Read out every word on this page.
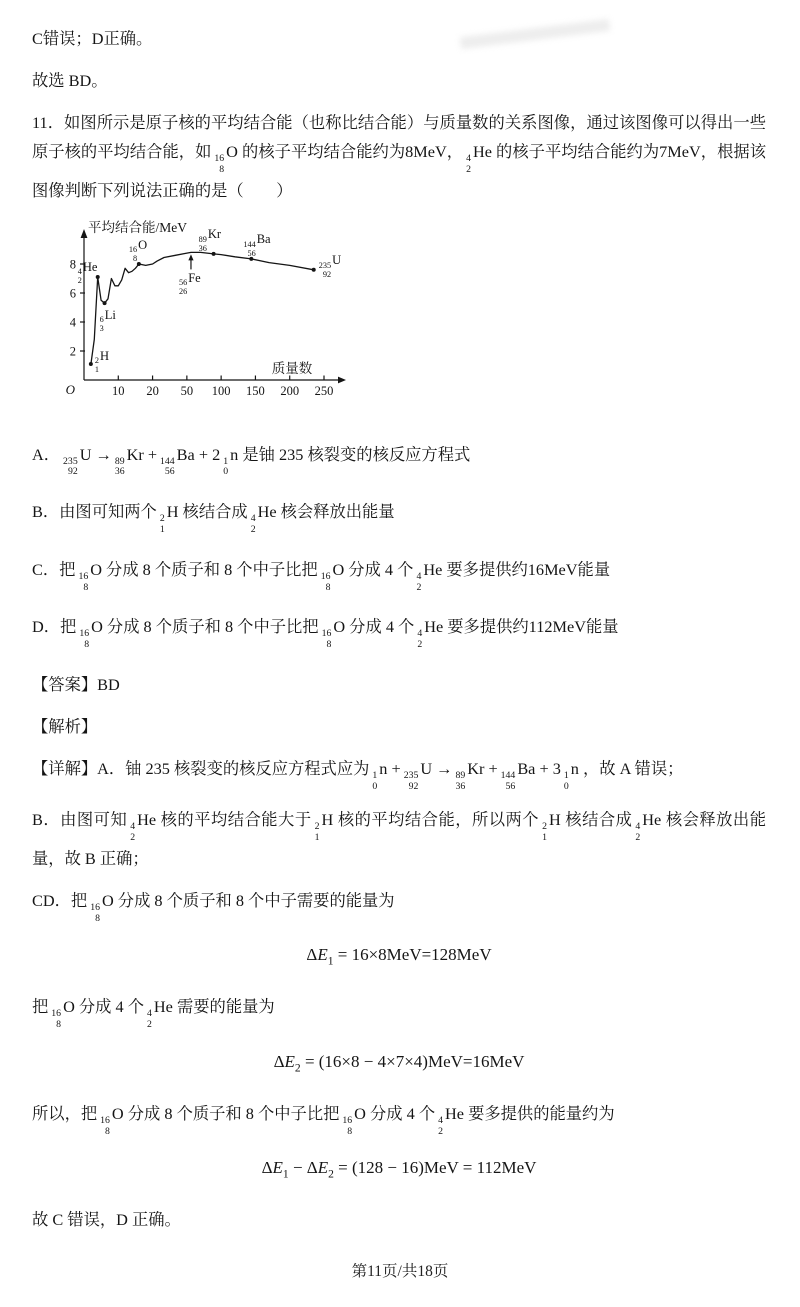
C错误；D正确。

故选 BD。

11．如图所示是原子核的平均结合能（也称比结合能）与质量数的关系图像，通过该图像可以得出一些原子核的平均结合能，如 16
8
O 的核子平均结合能约为8MeV， 4
2
He 的核子平均结合能约为7MeV，根据该图像判断下列说法正确的是（　　）

2
4
6
8
10 20 50 100 150 200 250
平均结合能/MeV
质量数
O
4
2
He
6
3
Li
2
1
H
16
8
O	89
36
Kr
56
26
Fe
144
56
Ba
235
92
U

A． 235
92
U → 89
36
Kr + 144
56
Ba + 2 1
0
n 是铀 235 核裂变的核反应方程式

B．由图可知两个 2
1
H 核结合成 4
2
He 核会释放出能量

C．把 16
8
O 分成 8 个质子和 8 个中子比把 16
8
O 分成 4 个 4
2
He 要多提供约16MeV能量

D．把 16
8
O 分成 8 个质子和 8 个中子比把 16
8
O 分成 4 个 4
2
He 要多提供约112MeV能量

【答案】BD

【解析】

【详解】A．铀 235 核裂变的核反应方程式应为 1
0
n + 235
92
U → 89
36
Kr + 144
56
Ba + 3 1
0
n ，故 A 错误；

B．由图可知 4
2
He 核的平均结合能大于 2
1
H 核的平均结合能，所以两个 2
1
H 核结合成 4
2
He 核会释放出能量，故 B 正确；

CD．把 16
8
O 分成 8 个质子和 8 个中子需要的能量为

$\Delta E_1 = 16\times 8MeV=128MeV$

把 16
8
O 分成 4 个 4
2
He 需要的能量为

$\Delta E_2 = (16\times 8 - 4\times 7\times 4)MeV=16MeV$

所以，把 16
8
O 分成 8 个质子和 8 个中子比把 16
8
O 分成 4 个 4
2
He 要多提供的能量约为

$\Delta E_1 - \Delta E_2 = (128 - 16)MeV = 112MeV$

故 C 错误，D 正确。

第11页/共18页
